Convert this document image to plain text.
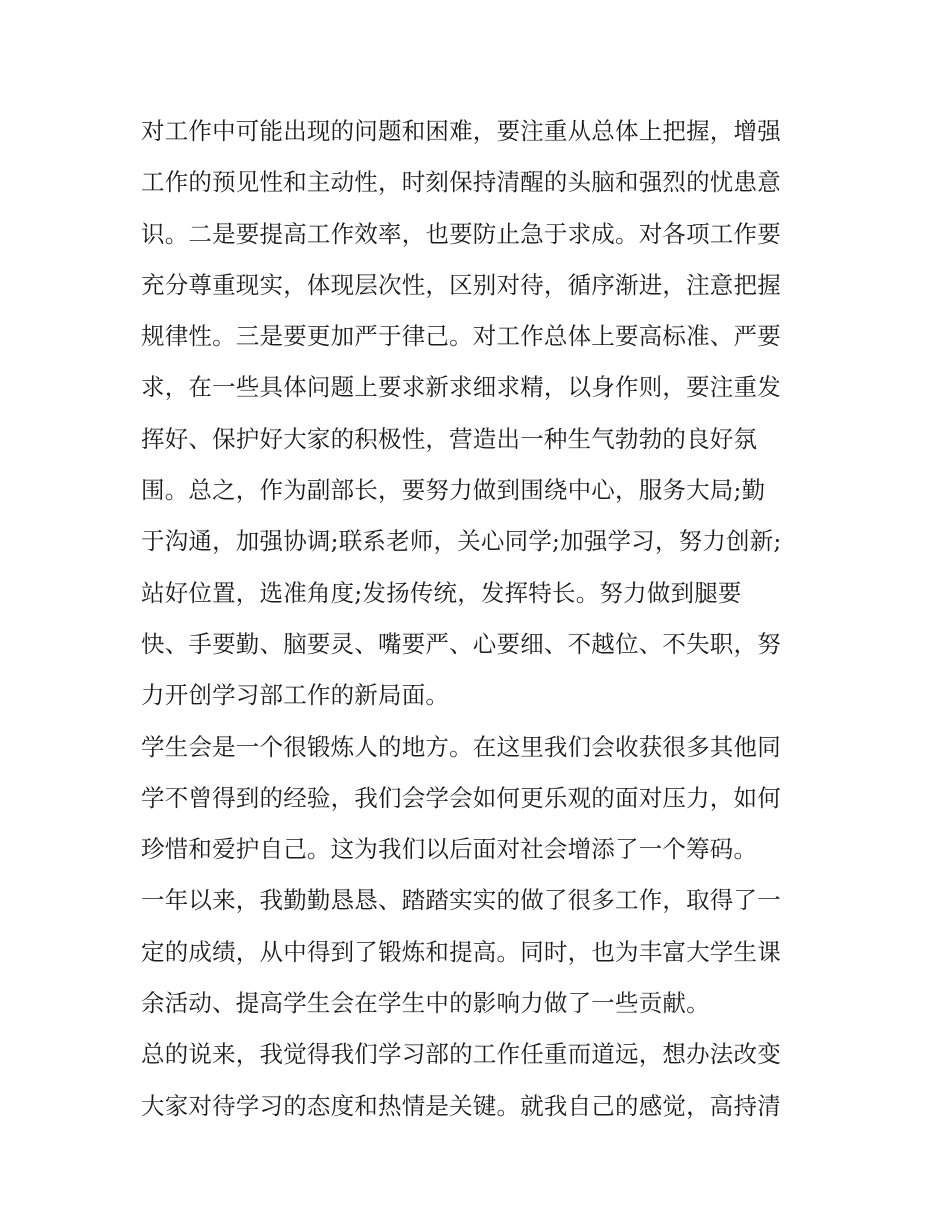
对工作中可能出现的问题和困难，要注重从总体上把握，增强
工作的预见性和主动性，时刻保持清醒的头脑和强烈的忧患意
识。二是要提高工作效率，也要防止急于求成。对各项工作要
充分尊重现实，体现层次性，区别对待，循序渐进，注意把握
规律性。三是要更加严于律己。对工作总体上要高标准、严要
求，在一些具体问题上要求新求细求精，以身作则，要注重发
挥好、保护好大家的积极性，营造出一种生气勃勃的良好氛
围。总之，作为副部长，要努力做到围绕中心，服务大局;勤
于沟通，加强协调;联系老师，关心同学;加强学习，努力创新;
站好位置，选准角度;发扬传统，发挥特长。努力做到腿要
快、手要勤、脑要灵、嘴要严、心要细、不越位、不失职，努
力开创学习部工作的新局面。
学生会是一个很锻炼人的地方。在这里我们会收获很多其他同
学不曾得到的经验，我们会学会如何更乐观的面对压力，如何
珍惜和爱护自己。这为我们以后面对社会增添了一个筹码。
一年以来，我勤勤恳恳、踏踏实实的做了很多工作，取得了一
定的成绩，从中得到了锻炼和提高。同时，也为丰富大学生课
余活动、提高学生会在学生中的影响力做了一些贡献。
总的说来，我觉得我们学习部的工作任重而道远，想办法改变
大家对待学习的态度和热情是关键。就我自己的感觉，高持清
